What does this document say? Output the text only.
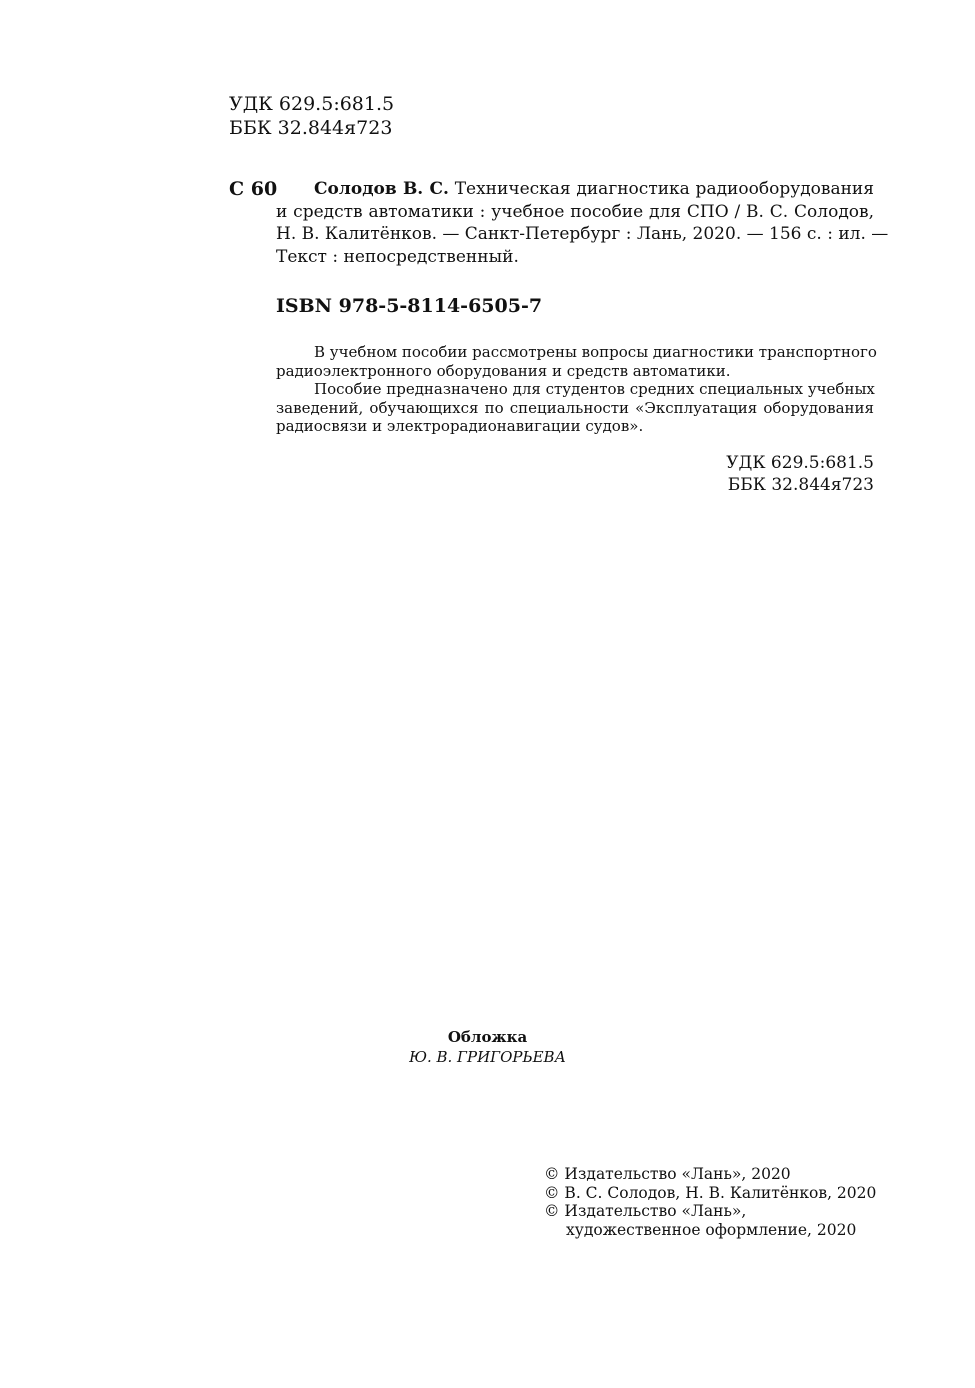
УДК 629.5:681.5
ББК 32.844я723
С 60	Солодов В. С. Техническая диагностика радиооборудования
и средств автоматики : учебное пособие для СПО / В. С. Солодов,
Н. В. Калитёнков. — Санкт-Петербург : Лань, 2020. — 156 с. : ил. —
Текст : непосредственный.
ISBN 978-5-8114-6505-7
В учебном пособии рассмотрены вопросы диагностики транспортного
радиоэлектронного оборудования и средств автоматики.
Пособие предназначено для студентов средних специальных учебных
заведений, обучающихся по специальности «Эксплуатация оборудования
радиосвязи и электрорадионавигации судов».
УДК 629.5:681.5
ББК 32.844я723
Обложка
Ю. В. ГРИГОРЬЕВА
© Издательство «Лань», 2020
© В. С. Солодов, Н. В. Калитёнков, 2020
© Издательство «Лань»,
художественное оформление, 2020
